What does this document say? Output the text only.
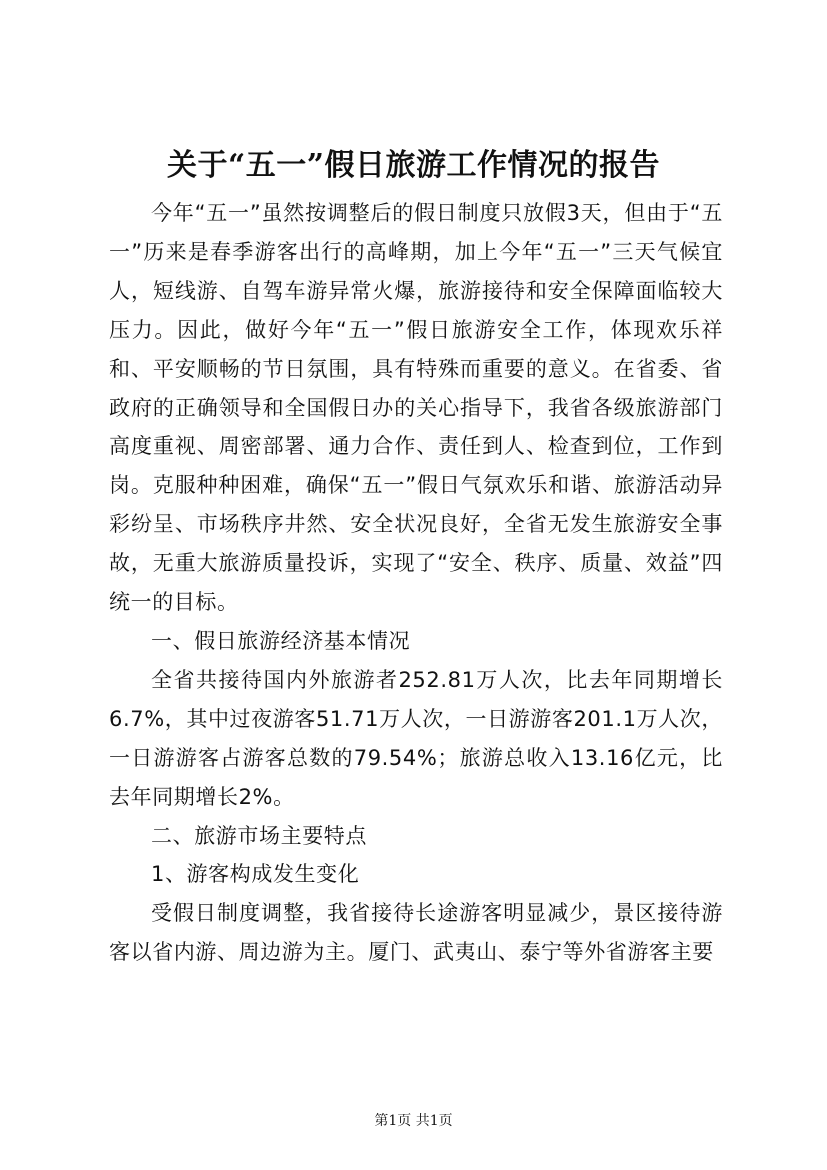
关于“五一”假日旅游工作情况的报告

今年“五一”虽然按调整后的假日制度只放假3天，但由于“五一”历来是春季游客出行的高峰期，加上今年“五一”三天气候宜人，短线游、自驾车游异常火爆，旅游接待和安全保障面临较大压力。因此，做好今年“五一”假日旅游安全工作，体现欢乐祥和、平安顺畅的节日氛围，具有特殊而重要的意义。在省委、省政府的正确领导和全国假日办的关心指导下，我省各级旅游部门高度重视、周密部署、通力合作、责任到人、检查到位，工作到岗。克服种种困难，确保“五一”假日气氛欢乐和谐、旅游活动异彩纷呈、市场秩序井然、安全状况良好，全省无发生旅游安全事故，无重大旅游质量投诉，实现了“安全、秩序、质量、效益”四统一的目标。

一、假日旅游经济基本情况

全省共接待国内外旅游者252.81万人次，比去年同期增长6.7%，其中过夜游客51.71万人次，一日游游客201.1万人次，一日游游客占游客总数的79.54%；旅游总收入13.16亿元，比去年同期增长2%。

二、旅游市场主要特点

1、游客构成发生变化

受假日制度调整，我省接待长途游客明显减少，景区接待游客以省内游、周边游为主。厦门、武夷山、泰宁等外省游客主要

第1页 共1页
